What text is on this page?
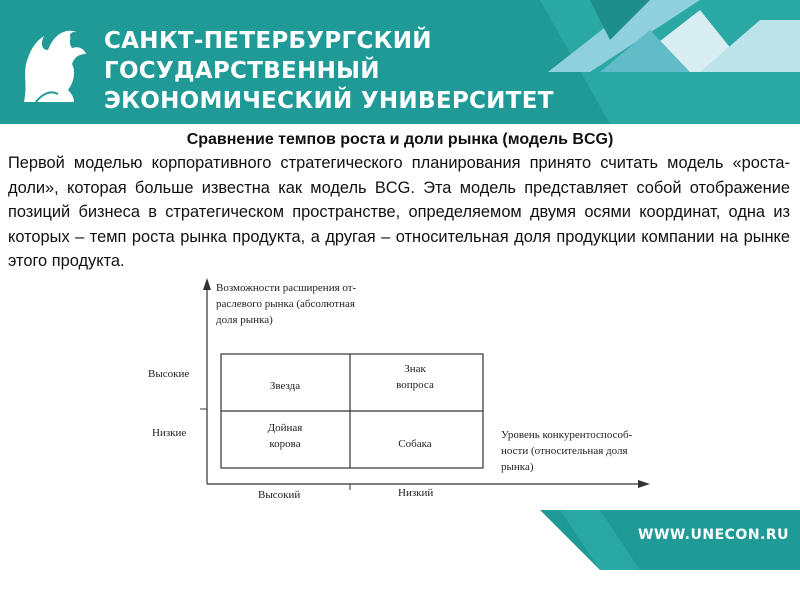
САНКТ-ПЕТЕРБУРГСКИЙ
ГОСУДАРСТВЕННЫЙ
ЭКОНОМИЧЕСКИЙ УНИВЕРСИТЕТ
Сравнение темпов роста и доли рынка (модель BCG)
Первой моделью корпоративного стратегического планирования принято считать модель «роста-доли», которая больше известна как модель BCG. Эта модель представляет собой отображение позиций бизнеса в стратегическом пространстве, определяемом двумя осями координат, одна из которых – темп роста рынка продукта, а другая – относительная доля продукции компании на рынке этого продукта.
Возможности расширения от-
раслевого рынка (абсолютная
доля рынка)
Высокие
Низкие
Высокий	Низкий
Уровень конкурентоспособ-
ности (относительная доля
рынка)
Звезда
Знак
вопроса
Дойная
корова	Собака
WWW.UNECON.RU
